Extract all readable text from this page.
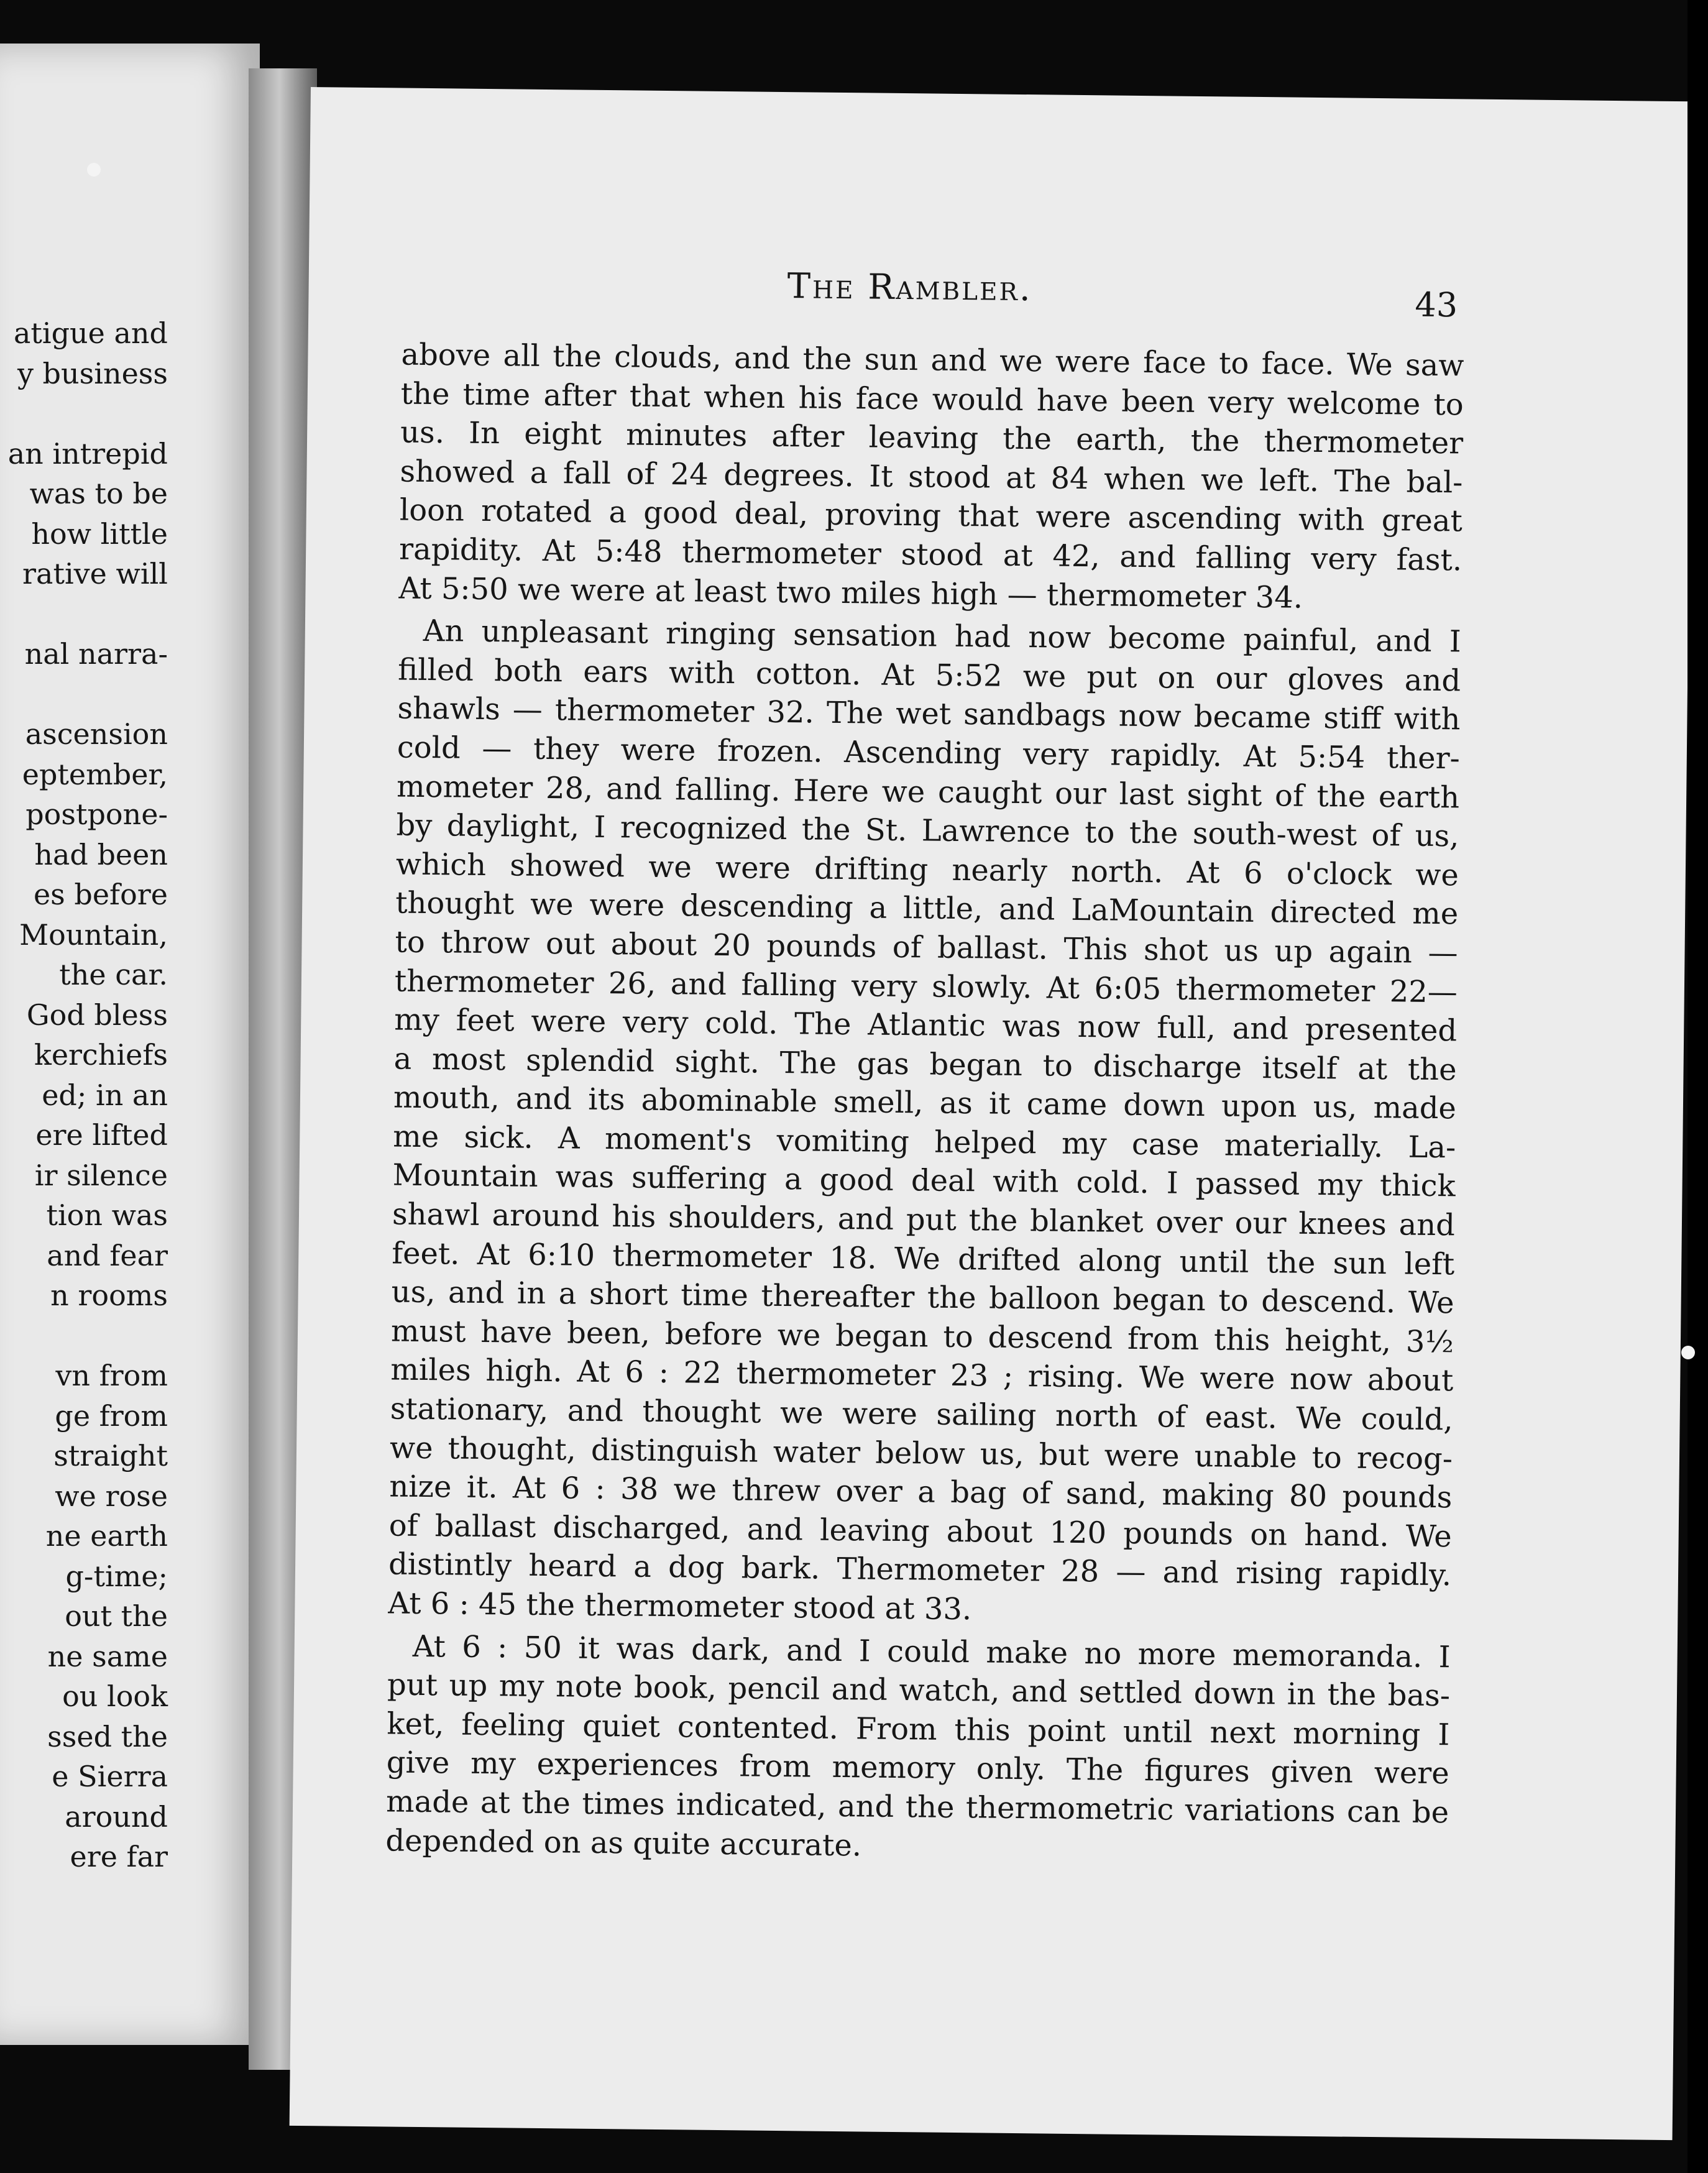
atigue and
y business
an intrepid
was to be
how little
rative will
nal narra-
ascension
eptember,
postpone-
had been
es before
Mountain,
the car.
God bless
kerchiefs
ed; in an
ere lifted
ir silence
tion was
and fear
n rooms
vn from
ge from
straight
we rose
ne earth
g-time;
out the
ne same
ou look
ssed the
e Sierra
around
ere far
The Rambler.	43
above all the clouds, and the sun and we were face to face. We saw
the time after that when his face would have been very welcome to
us. In eight minutes after leaving the earth, the thermometer
showed a fall of 24 degrees. It stood at 84 when we left. The bal-
loon rotated a good deal, proving that were ascending with great
rapidity. At 5:48 thermometer stood at 42, and falling very fast.
At 5:50 we were at least two miles high — thermometer 34.
An unpleasant ringing sensation had now become painful, and I
filled both ears with cotton. At 5:52 we put on our gloves and
shawls — thermometer 32. The wet sandbags now became stiff with
cold — they were frozen. Ascending very rapidly. At 5:54 ther-
mometer 28, and falling. Here we caught our last sight of the earth
by daylight, I recognized the St. Lawrence to the south-west of us,
which showed we were drifting nearly north. At 6 o'clock we
thought we were descending a little, and LaMountain directed me
to throw out about 20 pounds of ballast. This shot us up again —
thermometer 26, and falling very slowly. At 6:05 thermometer 22—
my feet were very cold. The Atlantic was now full, and presented
a most splendid sight. The gas began to discharge itself at the
mouth, and its abominable smell, as it came down upon us, made
me sick. A moment's vomiting helped my case materially. La-
Mountain was suffering a good deal with cold. I passed my thick
shawl around his shoulders, and put the blanket over our knees and
feet. At 6:10 thermometer 18. We drifted along until the sun left
us, and in a short time thereafter the balloon began to descend. We
must have been, before we began to descend from this height, 3½
miles high. At 6 : 22 thermometer 23 ; rising. We were now about
stationary, and thought we were sailing north of east. We could,
we thought, distinguish water below us, but were unable to recog-
nize it. At 6 : 38 we threw over a bag of sand, making 80 pounds
of ballast discharged, and leaving about 120 pounds on hand. We
distintly heard a dog bark. Thermometer 28 — and rising rapidly.
At 6 : 45 the thermometer stood at 33.
At 6 : 50 it was dark, and I could make no more memoranda. I
put up my note book, pencil and watch, and settled down in the bas-
ket, feeling quiet contented. From this point until next morning I
give my experiences from memory only. The figures given were
made at the times indicated, and the thermometric variations can be
depended on as quite accurate.
